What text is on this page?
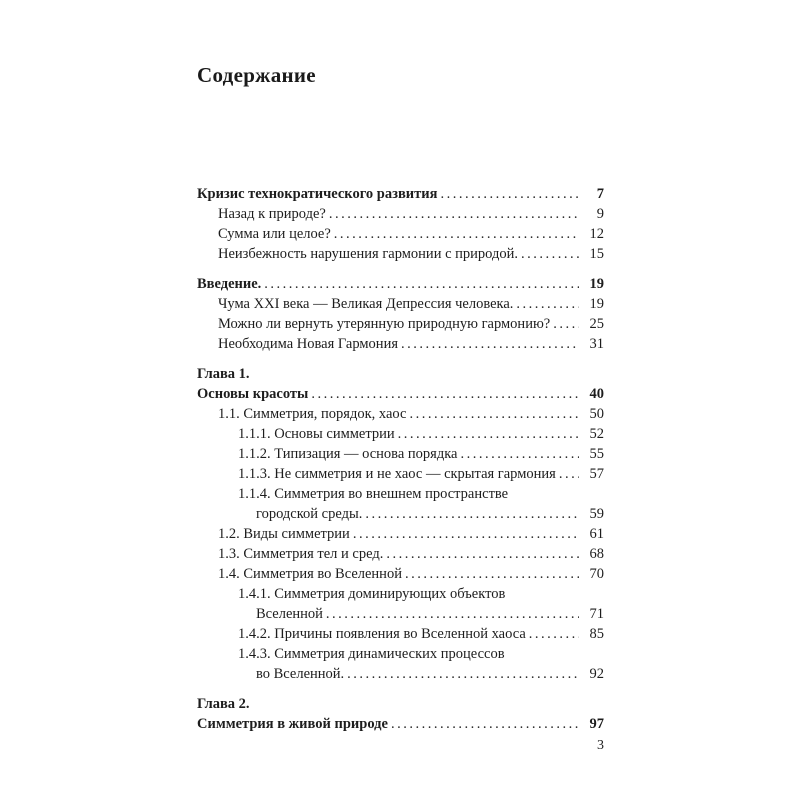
Содержание
Кризис технократического развития .....	7
Назад к природе? .....	9
Сумма или целое? .....	12
Неизбежность нарушения гармонии с природой. .....	15
Введение. .....	19
Чума XXI века — Великая Депрессия человека. .....	19
Можно ли вернуть утерянную природную гармонию? .....	25
Необходима Новая Гармония .....	31
Глава 1.
Основы красоты .....	40
1.1. Симметрия, порядок, хаос .....	50
1.1.1. Основы симметрии .....	52
1.1.2. Типизация — основа порядка .....	55
1.1.3. Не симметрия и не хаос — скрытая гармония .....	57
1.1.4. Симметрия во внешнем пространстве
городской среды. .....	59
1.2. Виды симметрии .....	61
1.3. Симметрия тел и сред. .....	68
1.4. Симметрия во Вселенной .....	70
1.4.1. Симметрия доминирующих объектов
Вселенной .....	71
1.4.2. Причины появления во Вселенной хаоса .....	85
1.4.3. Симметрия динамических процессов
во Вселенной. .....	92
Глава 2.
Симметрия в живой природе .....	97
3
